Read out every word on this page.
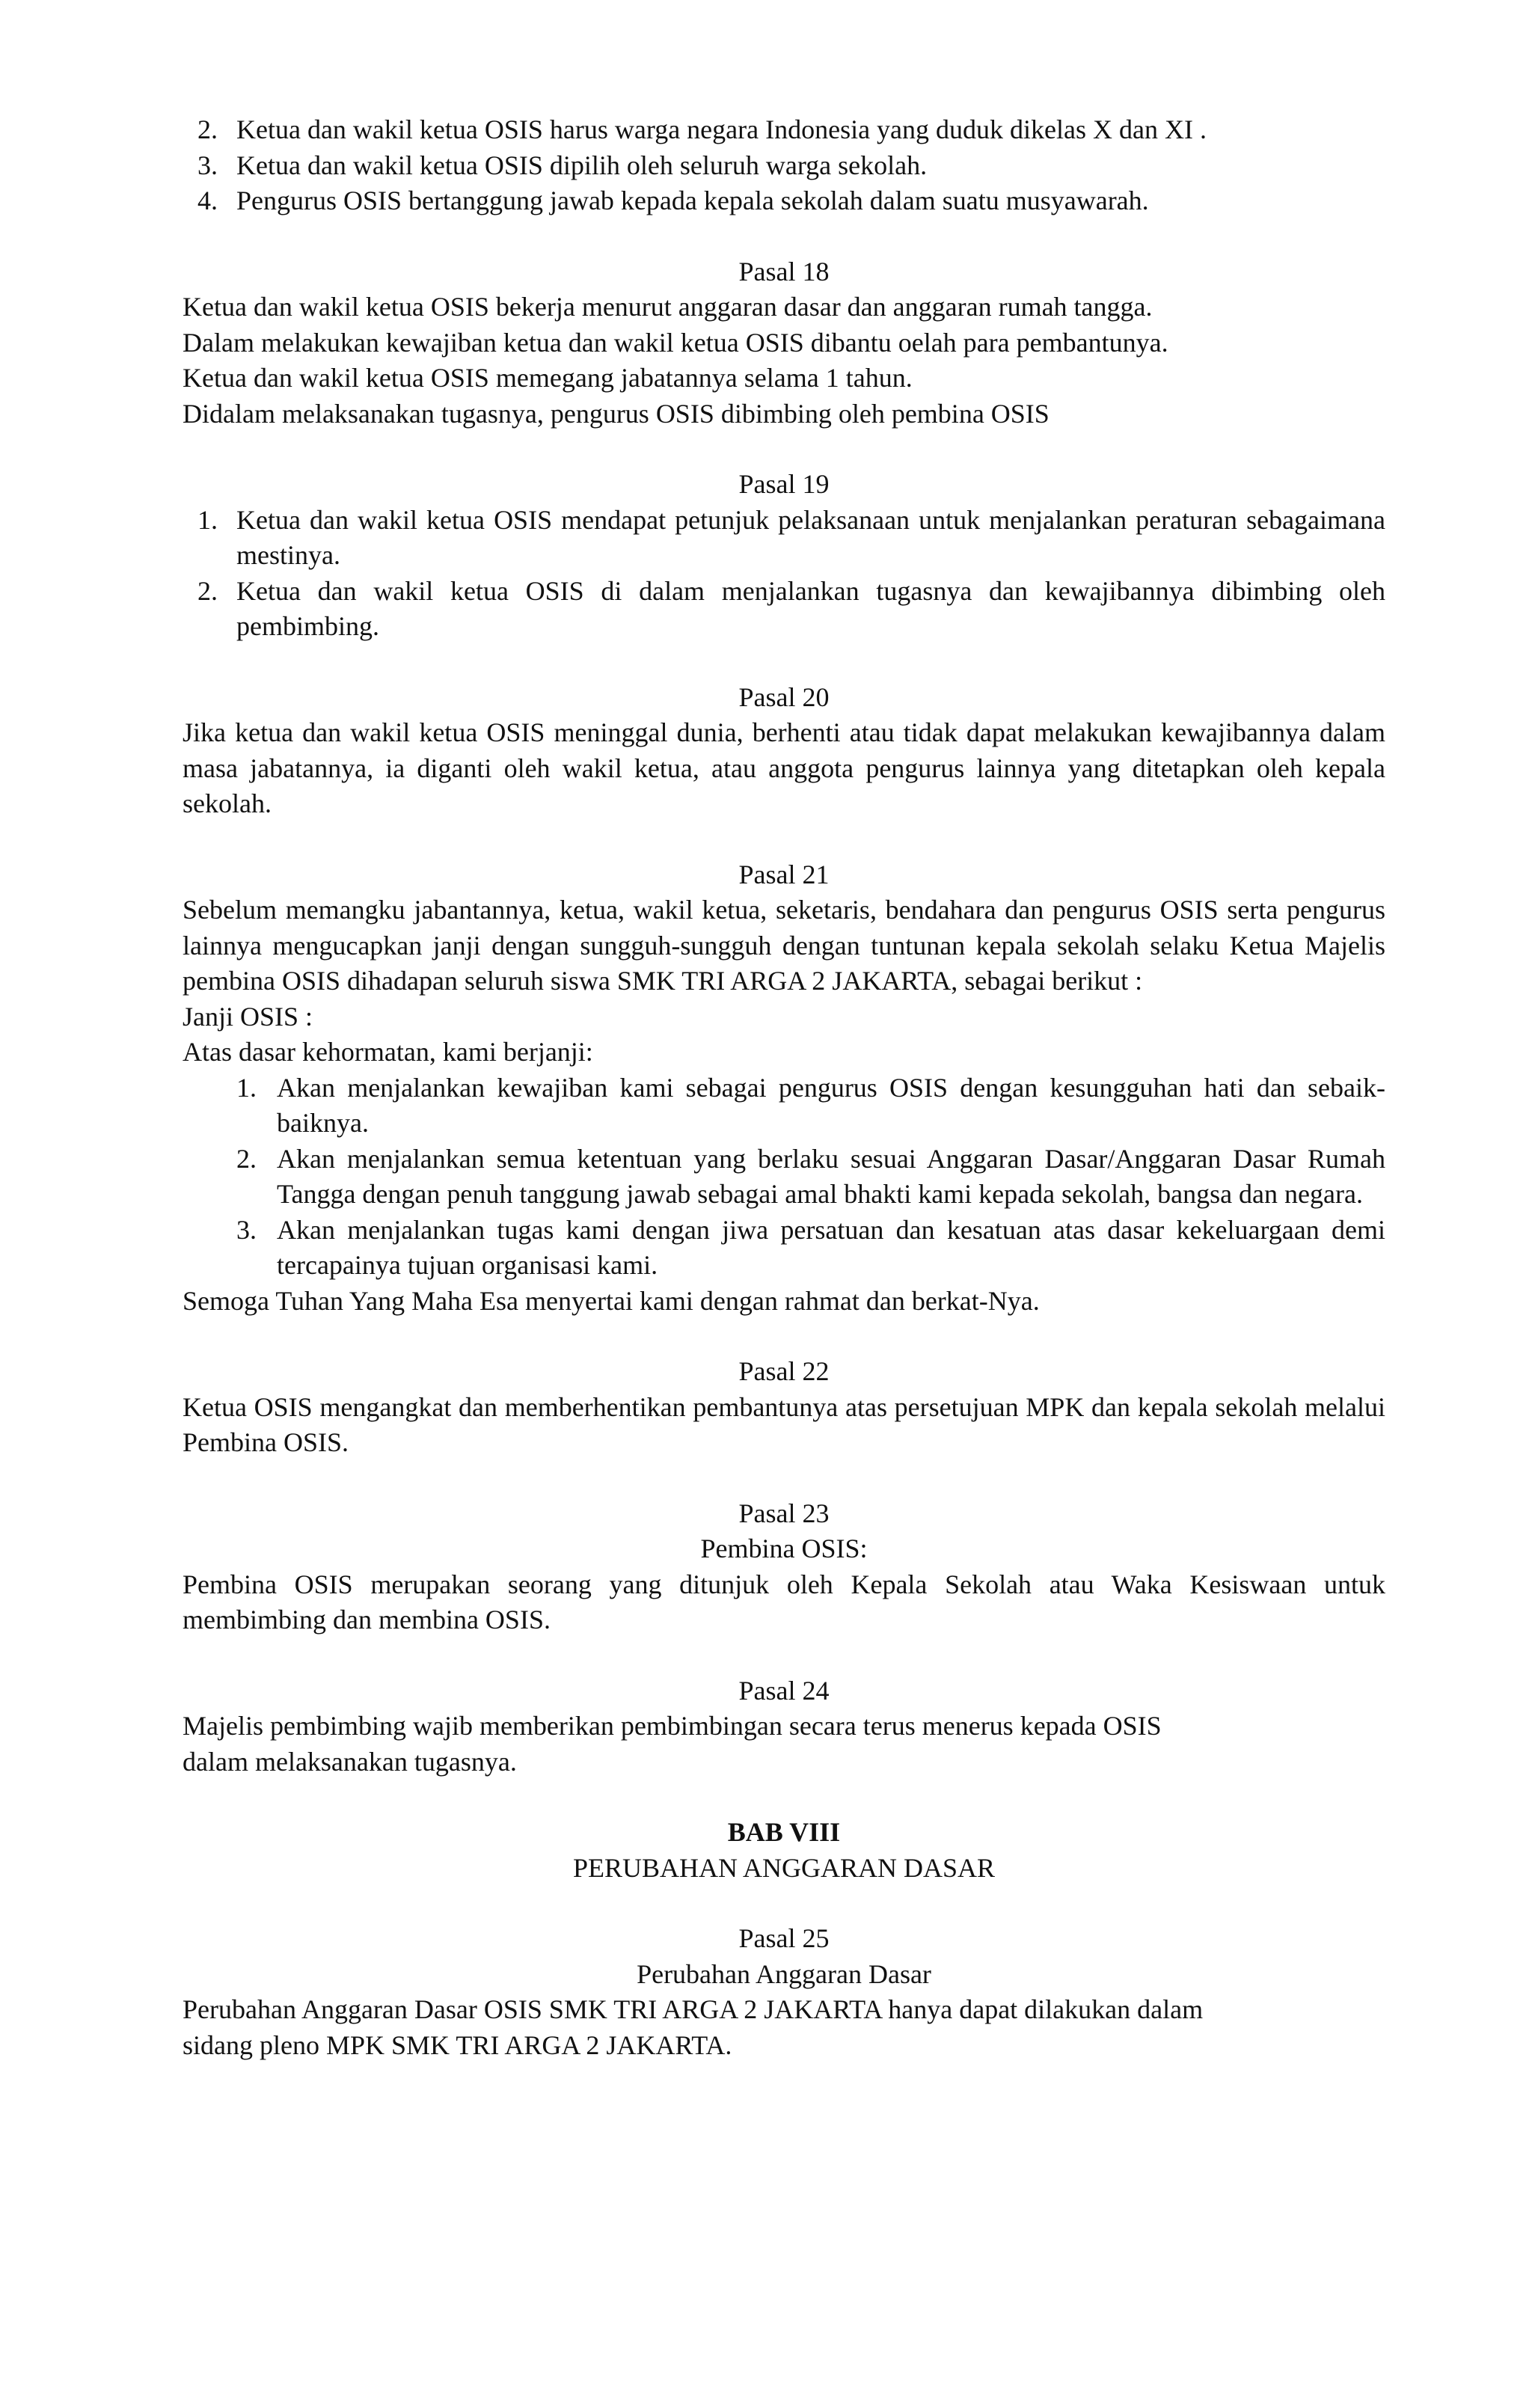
2. Ketua dan wakil ketua OSIS harus warga negara Indonesia yang duduk dikelas X dan XI .
3. Ketua dan wakil ketua OSIS dipilih oleh seluruh warga sekolah.
4. Pengurus OSIS bertanggung jawab kepada kepala sekolah dalam suatu musyawarah.

Pasal 18

Ketua dan wakil ketua OSIS bekerja menurut anggaran dasar dan anggaran rumah tangga.

Dalam melakukan kewajiban ketua dan wakil ketua OSIS dibantu oelah para pembantunya.

Ketua dan wakil ketua OSIS memegang jabatannya selama 1 tahun.

Didalam melaksanakan tugasnya, pengurus OSIS dibimbing oleh pembina OSIS

Pasal 19

1. Ketua dan wakil ketua OSIS mendapat petunjuk pelaksanaan untuk menjalankan peraturan sebagaimana mestinya.
2. Ketua dan wakil ketua OSIS di dalam menjalankan tugasnya dan kewajibannya dibimbing oleh pembimbing.

Pasal 20

Jika ketua dan wakil ketua OSIS meninggal dunia, berhenti atau tidak dapat melakukan kewajibannya dalam masa jabatannya, ia diganti oleh wakil ketua, atau anggota pengurus lainnya yang ditetapkan oleh kepala sekolah.

Pasal 21

Sebelum memangku jabantannya, ketua, wakil ketua, seketaris, bendahara dan pengurus OSIS serta pengurus lainnya mengucapkan janji dengan sungguh-sungguh dengan tuntunan kepala sekolah selaku Ketua Majelis pembina OSIS dihadapan seluruh siswa SMK TRI ARGA 2 JAKARTA, sebagai berikut :

Janji OSIS :

Atas dasar kehormatan, kami berjanji:

1. Akan menjalankan kewajiban kami sebagai pengurus OSIS dengan kesungguhan hati dan sebaik-baiknya.
2. Akan menjalankan semua ketentuan yang berlaku sesuai Anggaran Dasar/Anggaran Dasar Rumah Tangga dengan penuh tanggung jawab sebagai amal bhakti kami kepada sekolah, bangsa dan negara.
3. Akan menjalankan tugas kami dengan jiwa persatuan dan kesatuan atas dasar kekeluargaan demi tercapainya tujuan organisasi kami.

Semoga Tuhan Yang Maha Esa menyertai kami dengan rahmat dan berkat-Nya.

Pasal 22

Ketua OSIS mengangkat dan memberhentikan pembantunya atas persetujuan MPK dan kepala sekolah melalui Pembina OSIS.

Pasal 23

Pembina OSIS:

Pembina OSIS merupakan seorang yang ditunjuk oleh Kepala Sekolah atau Waka Kesiswaan untuk membimbing dan membina OSIS.

Pasal 24

Majelis pembimbing wajib memberikan pembimbingan secara terus menerus kepada OSIS

dalam melaksanakan tugasnya.

BAB VIII

PERUBAHAN ANGGARAN DASAR

Pasal 25

Perubahan Anggaran Dasar

Perubahan Anggaran Dasar OSIS SMK TRI ARGA 2 JAKARTA hanya dapat dilakukan dalam

sidang pleno MPK SMK TRI ARGA 2 JAKARTA.
